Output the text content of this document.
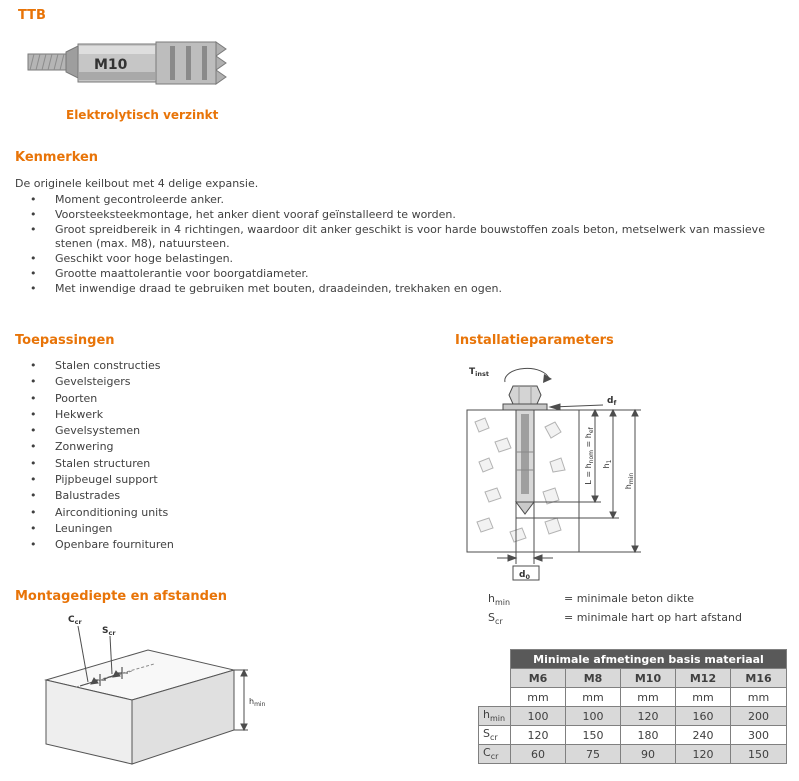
TTB
M10
Elektrolytisch verzinkt
Kenmerken
De originele keilbout met 4 delige expansie.
•
Moment gecontroleerde anker.
•
Voorsteeksteekmontage, het anker dient vooraf geïnstalleerd te worden.
•
Groot spreidbereik in 4 richtingen, waardoor dit anker geschikt is voor harde bouwstoffen zoals beton, metselwerk van massieve stenen (max. M8), natuursteen.
•
Geschikt voor hoge belastingen.
•
Grootte maattolerantie voor boorgatdiameter.
•
Met inwendige draad te gebruiken met bouten, draadeinden, trekhaken en ogen.
Toepassingen
•
Stalen constructies
•
Gevelsteigers
•
Poorten
•
Hekwerk
•
Gevelsystemen
•
Zonwering
•
Stalen structuren
•
Pijpbeugel support
•
Balustrades
•
Airconditioning units
•
Leuningen
•
Openbare fournituren
Installatieparameters
$T_{inst}$
$d_f$
$L = h_{nom} = h_{ef}$
$h_1$
$h_{min}$
$d_0$
Montagediepte en afstanden
$C_{cr}$
$S_{cr}$
$h_{min}$
$h_{min}$	= minimale beton dikte
$S_{cr}$	= minimale hart op hart afstand
	Minimale afmetingen basis materiaal				
	M6	M8	M10	M12	M16
	mm	mm	mm	mm	mm
$h_{min}$	100	100	120	160	200
$S_{cr}$	120	150	180	240	300
$C_{cr}$	60	75	90	120	150
